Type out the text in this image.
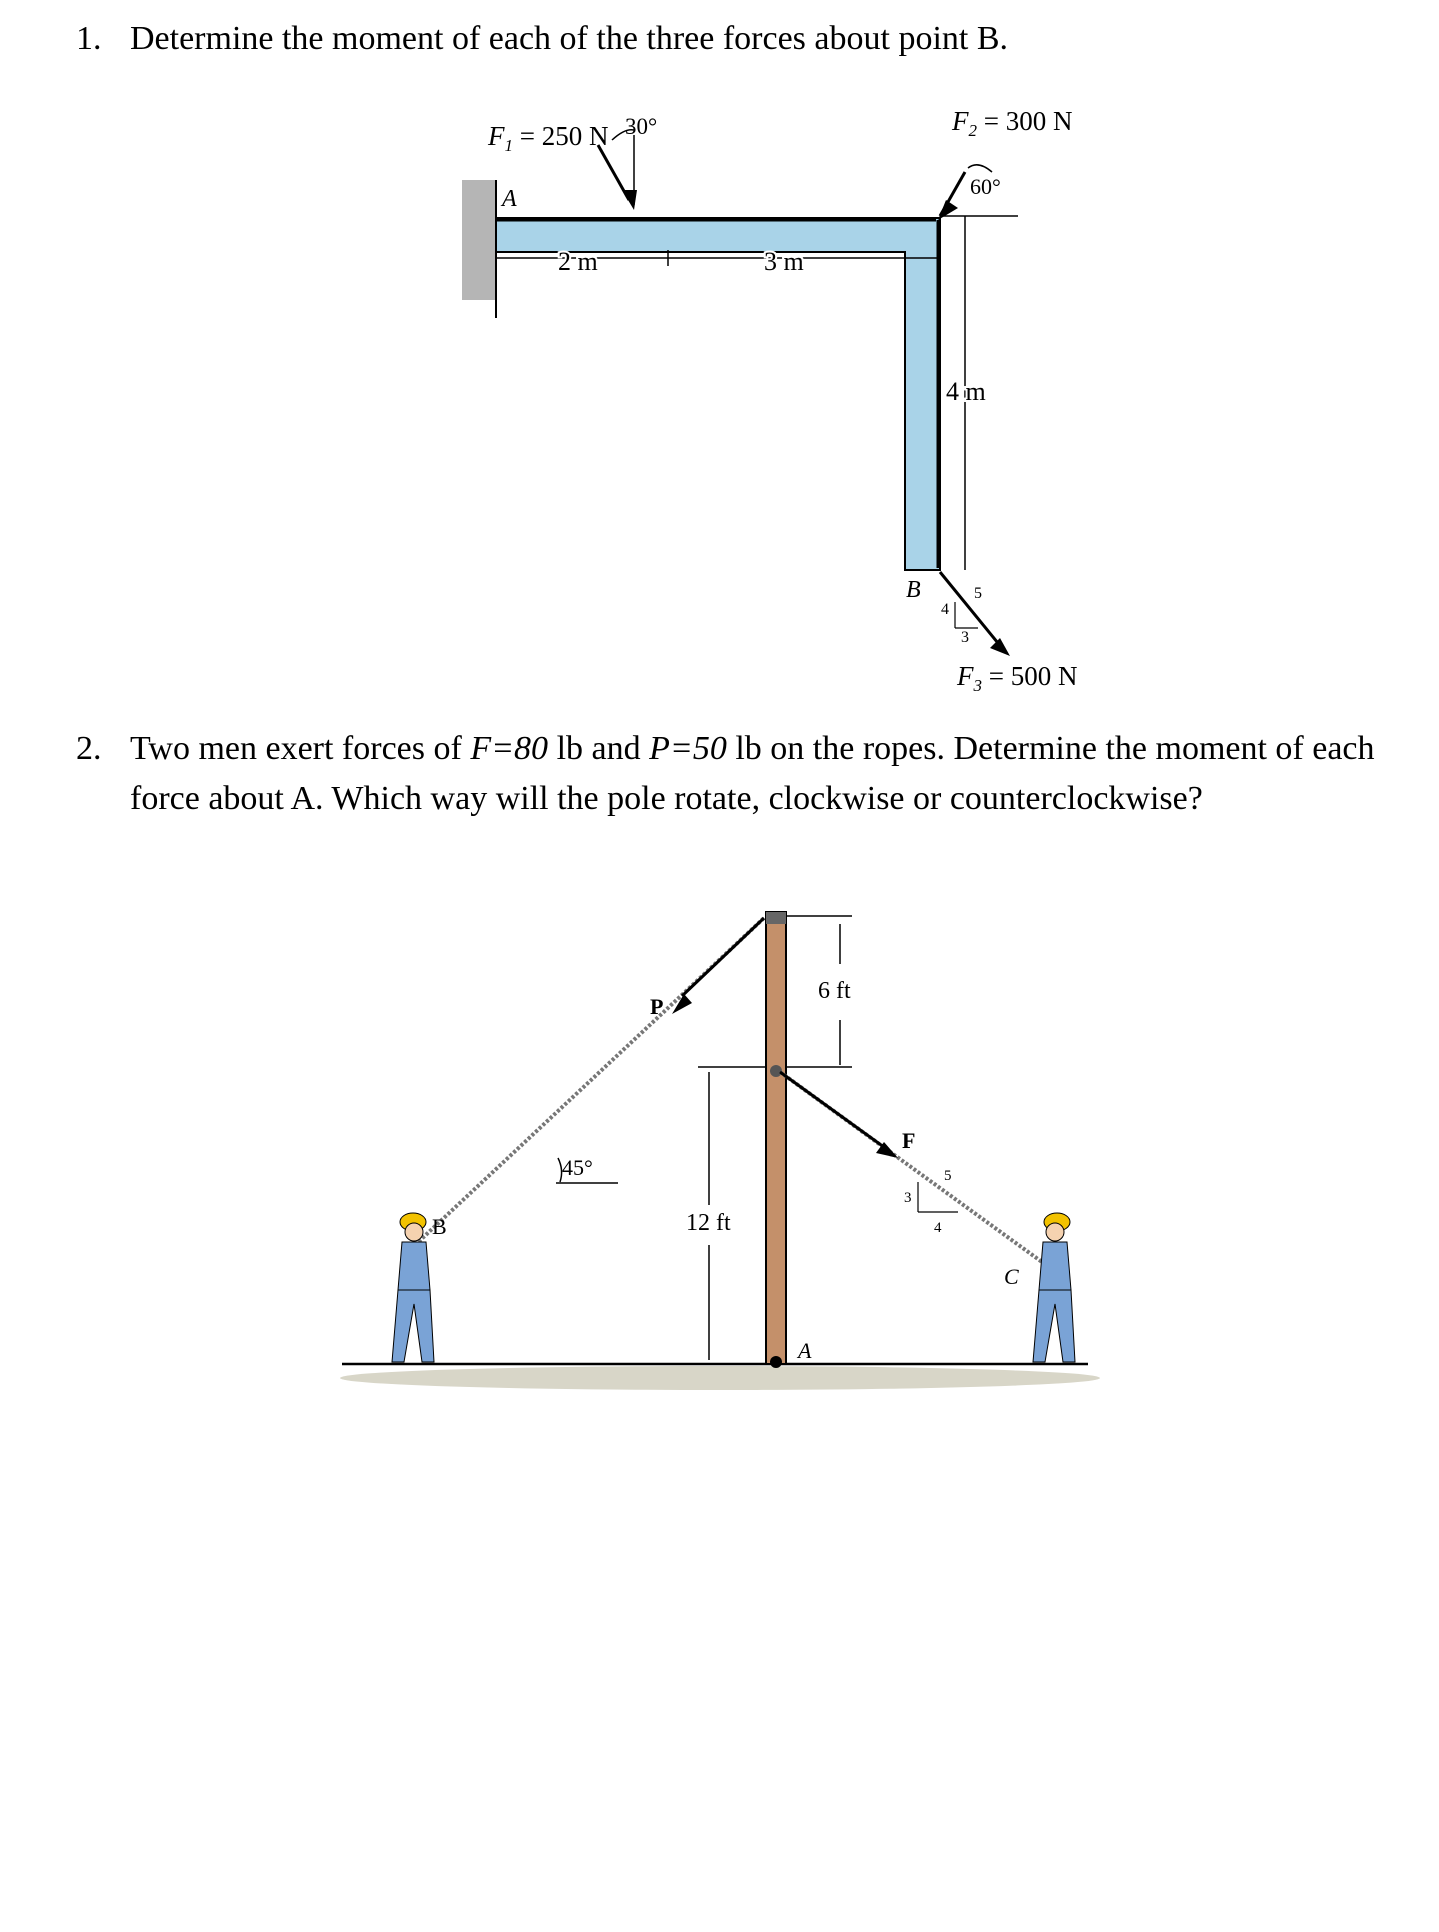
1. Determine the moment of each of the three forces about point B.
$F_1 = 250$ N 30°	$F_2 = 300$ N
60°
$F_3 = 500$ N
A
B
2 m	3 m
4 m
5
4
3
2. Two men exert forces of F=80 lb and P=50 lb on the ropes. Determine the moment of each
force about A. Which way will the pole rotate, clockwise or counterclockwise?
P
F
B
C
A
45°
6 ft
12 ft
3
4
5
